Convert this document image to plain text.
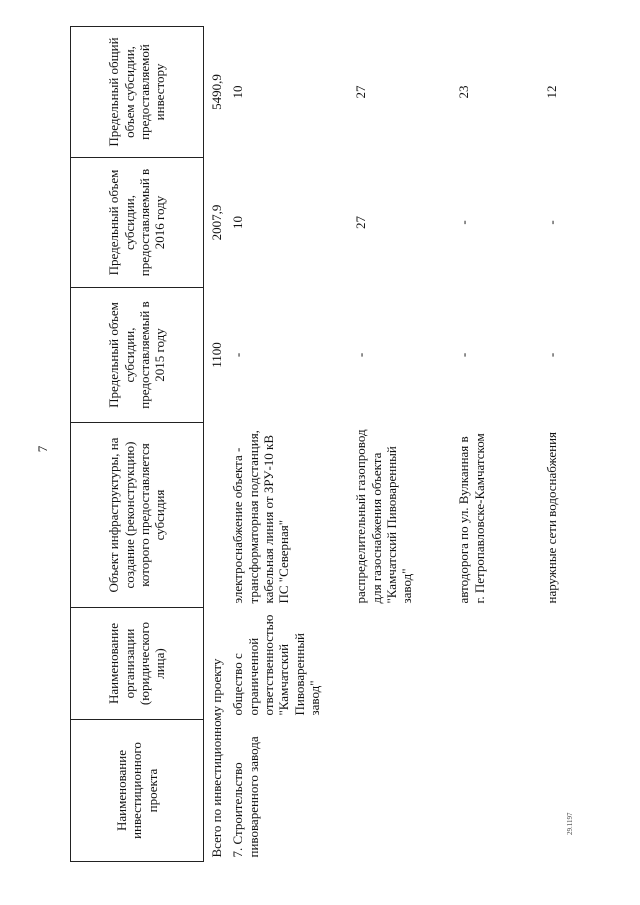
7
29.1197
Наименование инвестиционного проекта	Наименование организации (юридического лица)	Объект инфраструктуры, на создание (реконструкцию) которого предоставляется субсидия	Предельный объем субсидии, предоставляемый в 2015 году	Предельный объем субсидии, предоставляемый в 2016 году	Предельный общий объем субсидии, предоставляемой инвестору
Всего по инвестиционному проекту			1100	2007,9	5490,9
7. Строительство пивоваренного завода	общество с ограниченной ответственностью "Камчатский Пивоваренный завод"	электроснабжение объекта - трансформаторная подстанция, кабельная линия от ЗРУ-10 кВ ПС "Северная"	-	10	10
		распределительный газопровод для газоснабжения объекта "Камчатский Пивоваренный завод"	-	27	27
		автодорога по ул. Вулканная в г. Петропавловске-Камчатском	-	-	23
		наружные сети водоснабжения	-	-	12
